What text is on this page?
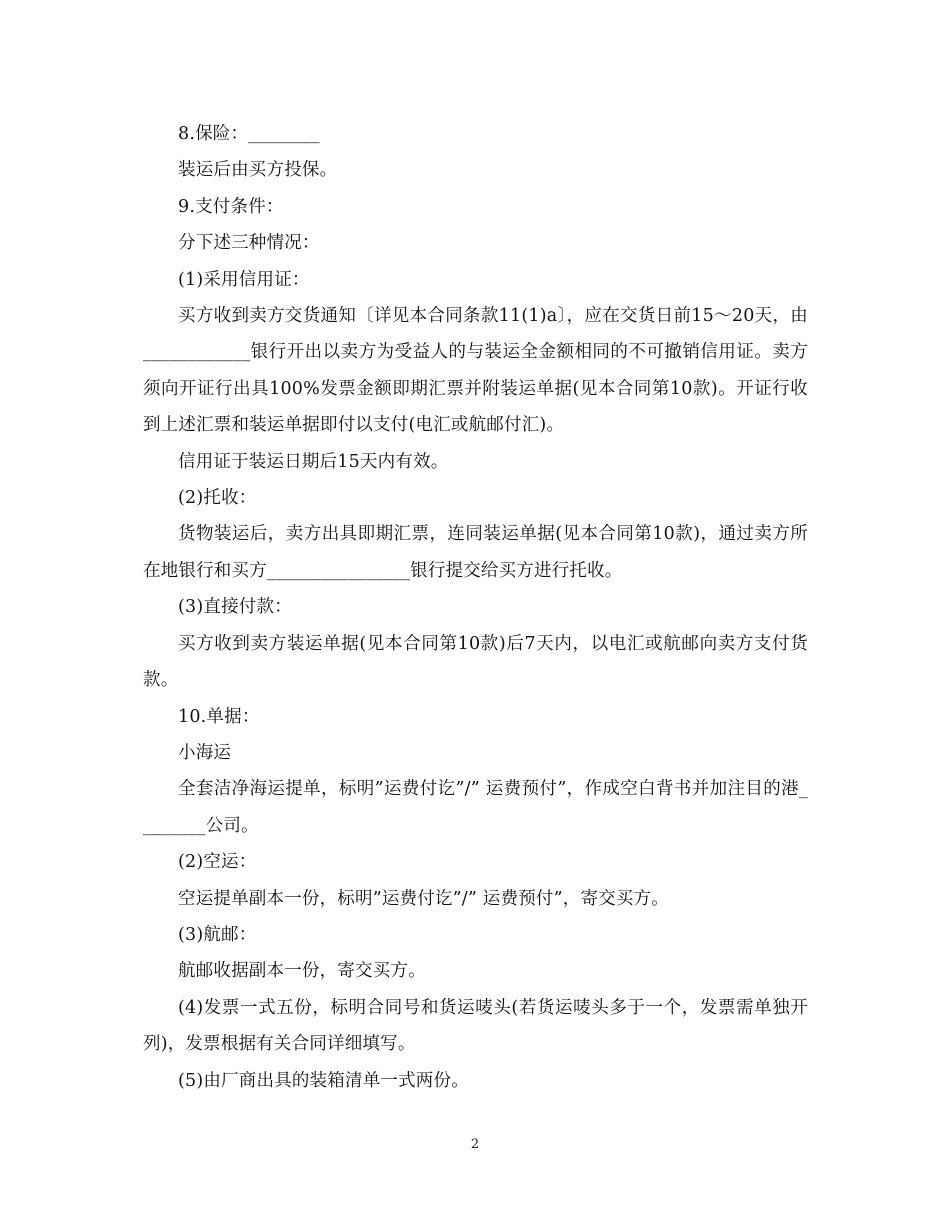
8.保险：________

装运后由买方投保。

9.支付条件：

分下述三种情况：

(1)采用信用证：

买方收到卖方交货通知〔详见本合同条款11(1)a〕，应在交货日前15～20天，由____________银行开出以卖方为受益人的与装运全金额相同的不可撤销信用证。卖方须向开证行出具100%发票金额即期汇票并附装运单据(见本合同第10款)。开证行收到上述汇票和装运单据即付以支付(电汇或航邮付汇)。

信用证于装运日期后15天内有效。

(2)托收：

货物装运后，卖方出具即期汇票，连同装运单据(见本合同第10款)，通过卖方所在地银行和买方________________银行提交给买方进行托收。

(3)直接付款：

买方收到卖方装运单据(见本合同第10款)后7天内，以电汇或航邮向卖方支付货款。

10.单据：

小海运

全套洁净海运提单，标明”运费付讫”/” 运费预付”，作成空白背书并加注目的港________公司。

(2)空运：

空运提单副本一份，标明”运费付讫”/” 运费预付”，寄交买方。

(3)航邮：

航邮收据副本一份，寄交买方。

(4)发票一式五份，标明合同号和货运唛头(若货运唛头多于一个，发票需单独开列)，发票根据有关合同详细填写。

(5)由厂商出具的装箱清单一式两份。

2
